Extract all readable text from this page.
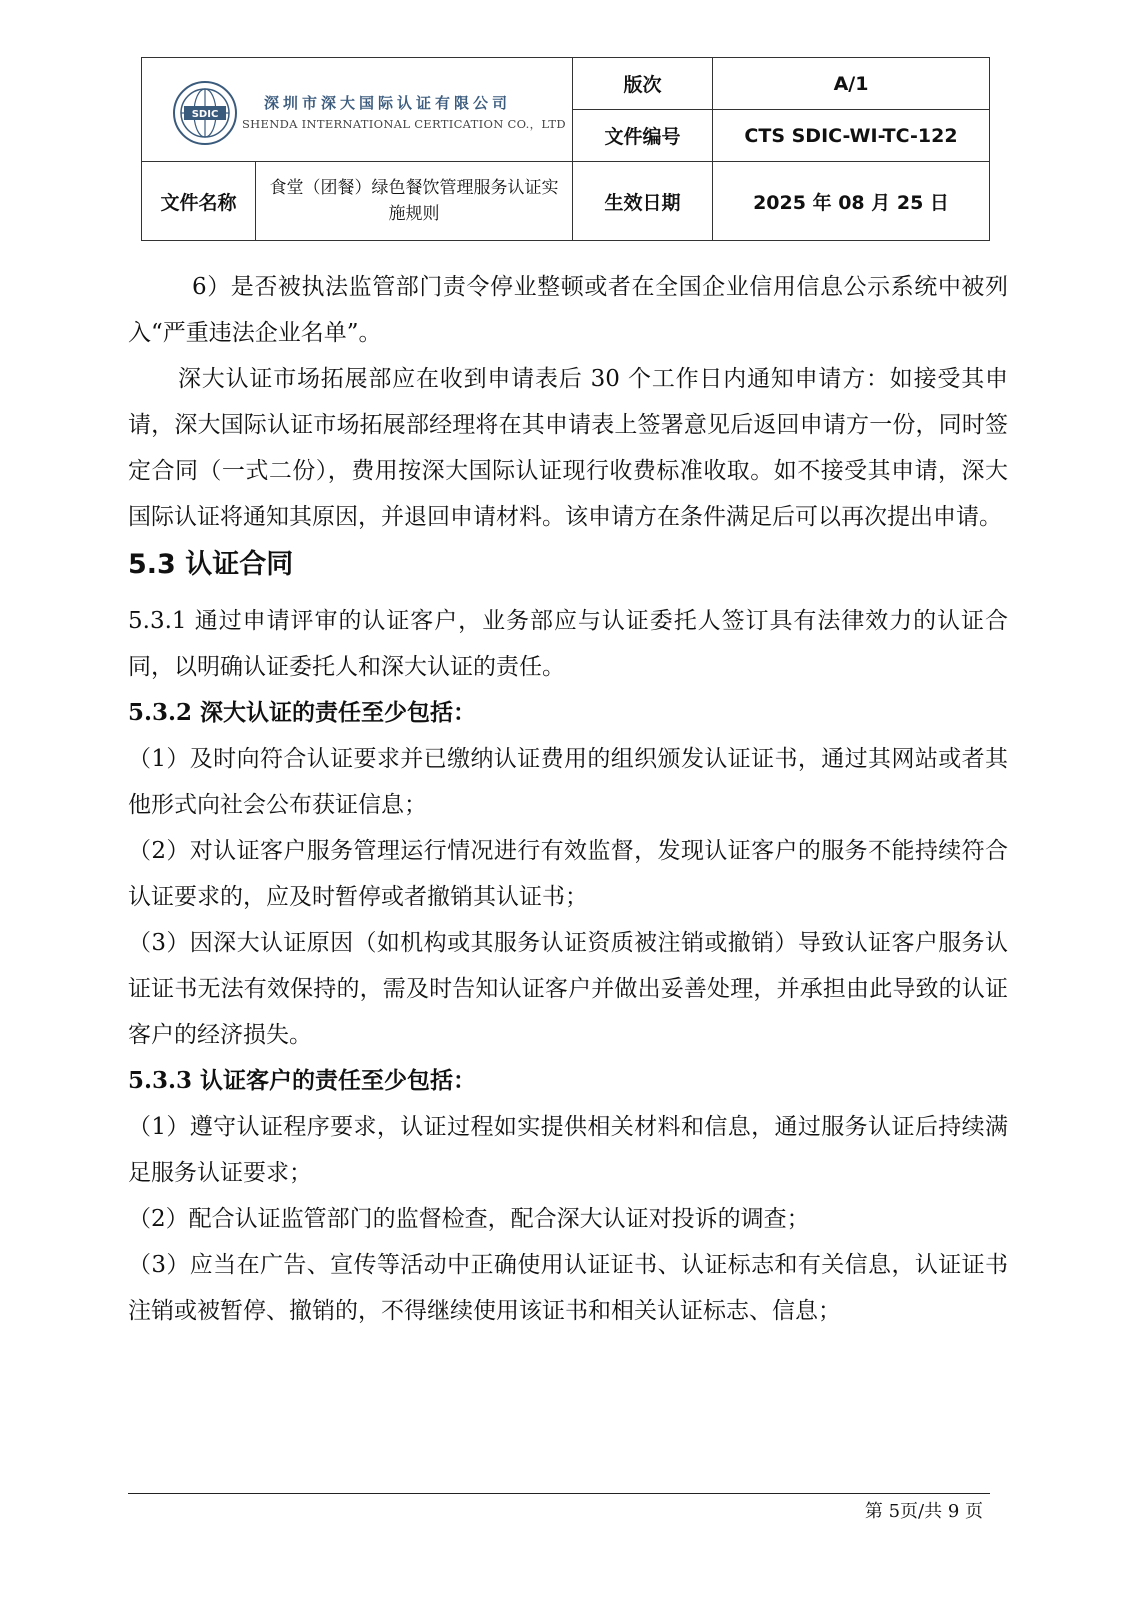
SDIC
深圳市深大国际认证有限公司
SHENDA INTERNATIONAL CERTICATION CO.，LTD		版次	A/1
		文件编号	CTS SDIC-WI-TC-122
文件名称	食堂（团餐）绿色餐饮管理服务认证实施规则	生效日期	2025 年 08 月 25 日

6）是否被执法监管部门责令停业整顿或者在全国企业信用信息公示系统中被列入“严重违法企业名单”。

深大认证市场拓展部应在收到申请表后 30 个工作日内通知申请方：如接受其申请，深大国际认证市场拓展部经理将在其申请表上签署意见后返回申请方一份，同时签定合同（一式二份），费用按深大国际认证现行收费标准收取。如不接受其申请，深大国际认证将通知其原因，并退回申请材料。该申请方在条件满足后可以再次提出申请。

5.3 认证合同

5.3.1 通过申请评审的认证客户，业务部应与认证委托人签订具有法律效力的认证合同，以明确认证委托人和深大认证的责任。

5.3.2 深大认证的责任至少包括：

（1）及时向符合认证要求并已缴纳认证费用的组织颁发认证证书，通过其网站或者其他形式向社会公布获证信息；

（2）对认证客户服务管理运行情况进行有效监督，发现认证客户的服务不能持续符合认证要求的，应及时暂停或者撤销其认证书；

（3）因深大认证原因（如机构或其服务认证资质被注销或撤销）导致认证客户服务认证证书无法有效保持的，需及时告知认证客户并做出妥善处理，并承担由此导致的认证客户的经济损失。

5.3.3 认证客户的责任至少包括：

（1）遵守认证程序要求，认证过程如实提供相关材料和信息，通过服务认证后持续满足服务认证要求；

（2）配合认证监管部门的监督检查，配合深大认证对投诉的调查；

（3）应当在广告、宣传等活动中正确使用认证证书、认证标志和有关信息，认证证书注销或被暂停、撤销的，不得继续使用该证书和相关认证标志、信息；

第 5页/共 9 页
